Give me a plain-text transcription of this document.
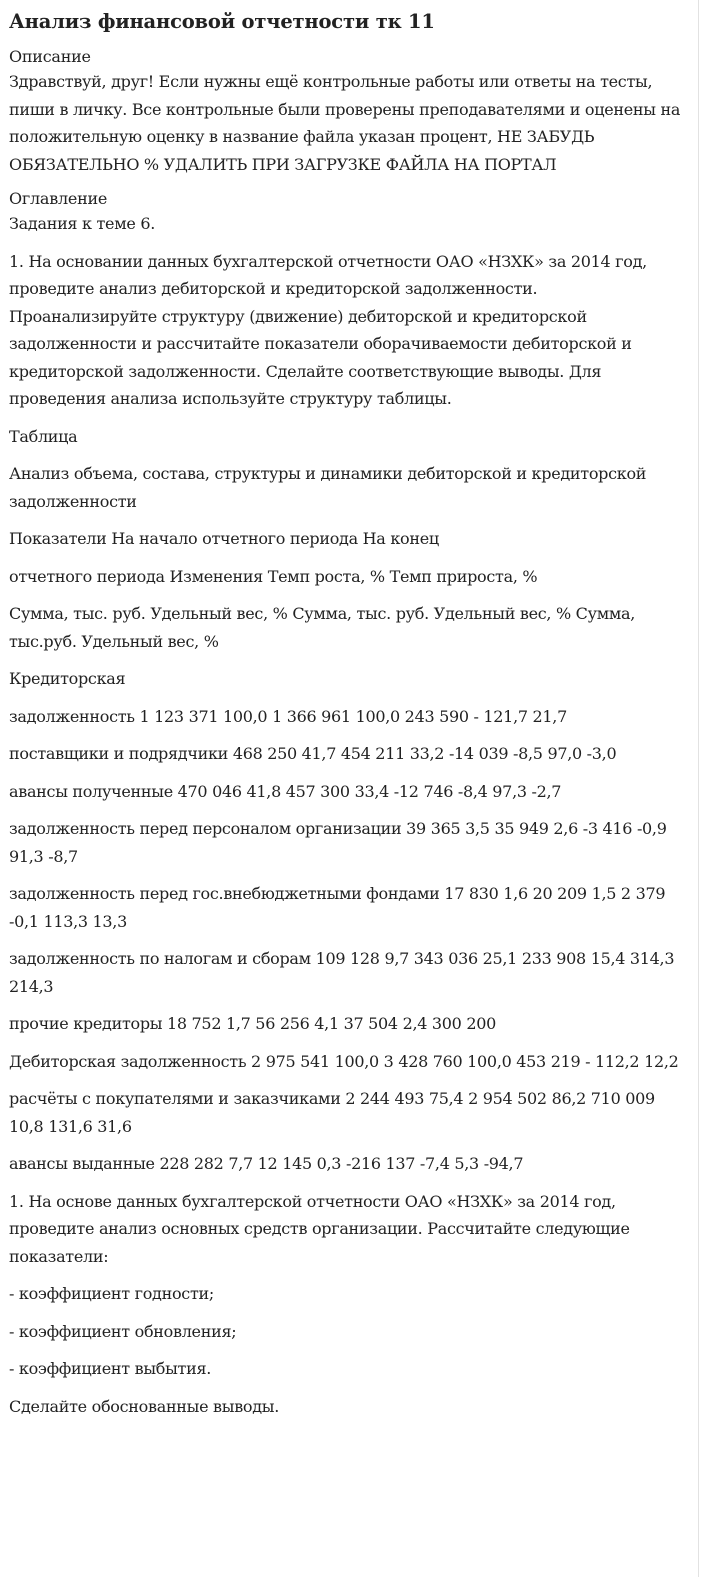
Анализ финансовой отчетности тк 11

Описание

Здравствуй, друг! Если нужны ещё контрольные работы или ответы на тесты, пиши в личку. Все контрольные были проверены преподавателями и оценены на положительную оценку в название файла указан процент, НЕ ЗАБУДЬ ОБЯЗАТЕЛЬНО % УДАЛИТЬ ПРИ ЗАГРУЗКЕ ФАЙЛА НА ПОРТАЛ

Оглавление

Задания к теме 6.

1. На основании данных бухгалтерской отчетности ОАО «НЗХК» за 2014 год, проведите анализ дебиторской и кредиторской задолженности. Проанализируйте структуру (движение) дебиторской и кредиторской задолженности и рассчитайте показатели оборачиваемости дебиторской и кредиторской задолженности. Сделайте соответствующие выводы. Для проведения анализа используйте структуру таблицы.

Таблица

Анализ объема, состава, структуры и динамики дебиторской и кредиторской задолженности

Показатели На начало отчетного периода На конец

отчетного периода Изменения Темп роста, % Темп прироста, %

Сумма, тыс. руб. Удельный вес, % Сумма, тыс. руб. Удельный вес, % Сумма, тыс.руб. Удельный вес, %

Кредиторская

задолженность 1 123 371 100,0 1 366 961 100,0 243 590 - 121,7 21,7

поставщики и подрядчики 468 250 41,7 454 211 33,2 -14 039 -8,5 97,0 -3,0

авансы полученные 470 046 41,8 457 300 33,4 -12 746 -8,4 97,3 -2,7

задолженность перед персоналом организации 39 365 3,5 35 949 2,6 -3 416 -0,9 91,3 -8,7

задолженность перед гос.внебюджетными фондами 17 830 1,6 20 209 1,5 2 379 -0,1 113,3 13,3

задолженность по налогам и сборам 109 128 9,7 343 036 25,1 233 908 15,4 314,3 214,3

прочие кредиторы 18 752 1,7 56 256 4,1 37 504 2,4 300 200

Дебиторская задолженность 2 975 541 100,0 3 428 760 100,0 453 219 - 112,2 12,2

расчёты с покупателями и заказчиками 2 244 493 75,4 2 954 502 86,2 710 009 10,8 131,6 31,6

авансы выданные 228 282 7,7 12 145 0,3 -216 137 -7,4 5,3 -94,7

1. На основе данных бухгалтерской отчетности ОАО «НЗХК» за 2014 год, проведите анализ основных средств организации. Рассчитайте следующие показатели:

- коэффициент годности;

- коэффициент обновления;

- коэффициент выбытия.

Сделайте обоснованные выводы.
